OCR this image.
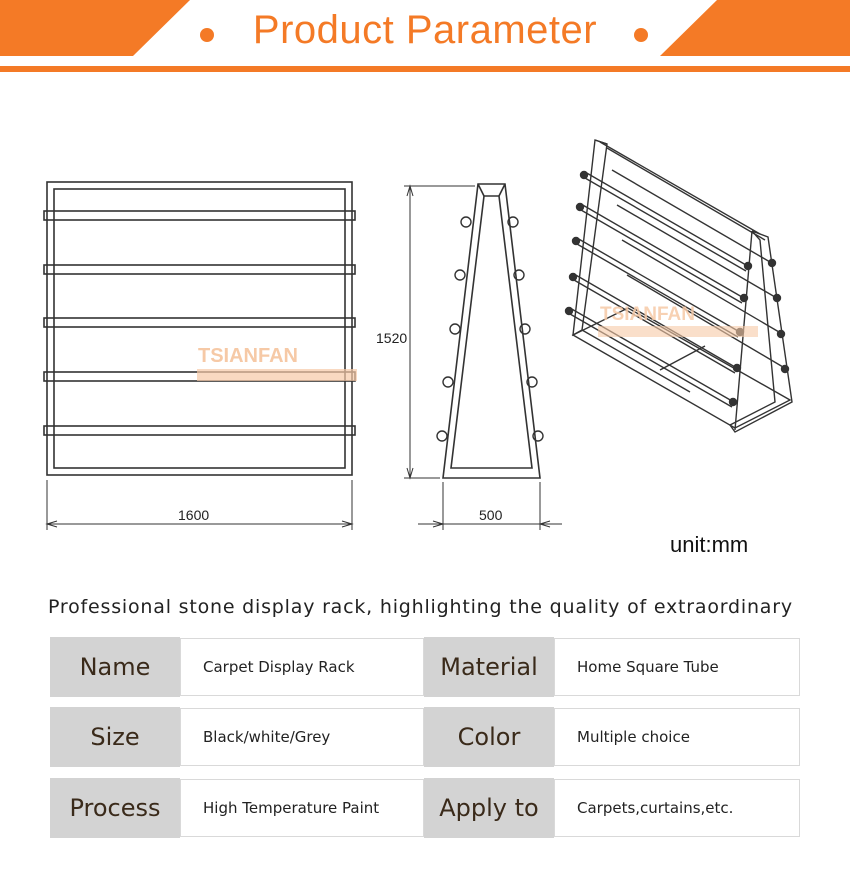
Product Parameter
1600
TSIANFAN
1520
500
TSIANFAN
unit:mm
Professional stone display rack, highlighting the quality of extraordinary
Name	Carpet Display Rack	Material	Home Square Tube
Size	Black/white/Grey	Color	Multiple choice
Process	High Temperature Paint	Apply to	Carpets,curtains,etc.
